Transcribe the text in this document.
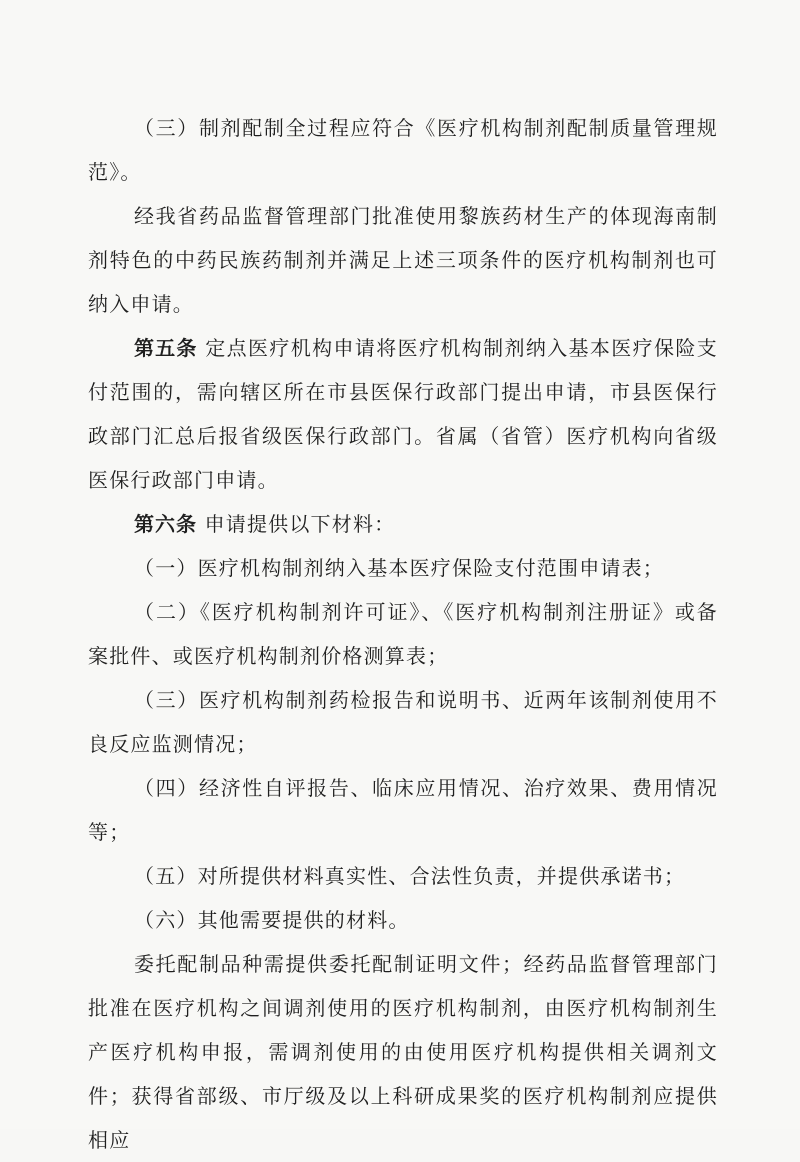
（三）制剂配制全过程应符合《医疗机构制剂配制质量管理规范》。

经我省药品监督管理部门批准使用黎族药材生产的体现海南制剂特色的中药民族药制剂并满足上述三项条件的医疗机构制剂也可纳入申请。

第五条 定点医疗机构申请将医疗机构制剂纳入基本医疗保险支付范围的，需向辖区所在市县医保行政部门提出申请，市县医保行政部门汇总后报省级医保行政部门。省属（省管）医疗机构向省级医保行政部门申请。

第六条 申请提供以下材料：

（一）医疗机构制剂纳入基本医疗保险支付范围申请表；

（二）《医疗机构制剂许可证》、《医疗机构制剂注册证》或备案批件、或医疗机构制剂价格测算表；

（三）医疗机构制剂药检报告和说明书、近两年该制剂使用不良反应监测情况；

（四）经济性自评报告、临床应用情况、治疗效果、费用情况等；

（五）对所提供材料真实性、合法性负责，并提供承诺书；

（六）其他需要提供的材料。

委托配制品种需提供委托配制证明文件；经药品监督管理部门批准在医疗机构之间调剂使用的医疗机构制剂，由医疗机构制剂生产医疗机构申报，需调剂使用的由使用医疗机构提供相关调剂文件；获得省部级、市厅级及以上科研成果奖的医疗机构制剂应提供相应
